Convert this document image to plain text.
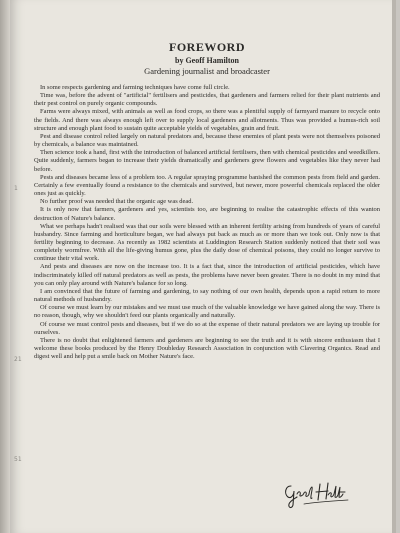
1
21
51
FOREWORD
by Geoff Hamilton
Gardening journalist and broadcaster

In some respects gardening and farming techniques have come full circle.

Time was, before the advent of "artificial" fertilisers and pesticides, that gardeners and farmers relied for their plant nutrients and their pest control on purely organic compounds.

Farms were always mixed, with animals as well as food crops, so there was a plentiful supply of farmyard manure to recycle onto the fields. And there was always enough left over to supply local gardeners and allotments. Thus was provided a humus-rich soil structure and enough plant food to sustain quite acceptable yields of vegetables, grain and fruit.

Pest and disease control relied largely on natural predators and, because these enemies of plant pests were not themselves poisoned by chemicals, a balance was maintained.

Then science took a hand, first with the introduction of balanced artificial fertilisers, then with chemical pesticides and weedkillers. Quite suddenly, farmers began to increase their yields dramatically and gardeners grew flowers and vegetables like they never had before.

Pests and diseases became less of a problem too. A regular spraying programme banished the common pests from field and garden. Certainly a few eventually found a resistance to the chemicals and survived, but newer, more powerful chemicals replaced the older ones just as quickly.

No further proof was needed that the organic age was dead.

It is only now that farmers, gardeners and yes, scientists too, are beginning to realise the catastrophic effects of this wanton destruction of Nature's balance.

What we perhaps hadn't realised was that our soils were blessed with an inherent fertility arising from hundreds of years of careful husbandry. Since farming and horticulture began, we had always put back as much as or more than we took out. Only now is that fertility beginning to decrease. As recently as 1982 scientists at Luddington Research Station suddenly noticed that their soil was completely wormfree. With all the life-giving humus gone, plus the daily dose of chemical poisons, they could no longer survive to continue their vital work.

And pests and diseases are now on the increase too. It is a fact that, since the introduction of artificial pesticides, which have indiscriminately killed off natural predators as well as pests, the problems have never been greater. There is no doubt in my mind that you can only play around with Nature's balance for so long.

I am convinced that the future of farming and gardening, to say nothing of our own health, depends upon a rapid return to more natural methods of husbandry.

Of course we must learn by our mistakes and we must use much of the valuable knowledge we have gained along the way. There is no reason, though, why we shouldn't feed our plants organically and naturally.

Of course we must control pests and diseases, but if we do so at the expense of their natural predators we are laying up trouble for ourselves.

There is no doubt that enlightened farmers and gardeners are beginning to see the truth and it is with sincere enthusiasm that I welcome these books produced by the Henry Doubleday Research Association in conjunction with Clavering Organics. Read and digest well and help put a smile back on Mother Nature's face.
